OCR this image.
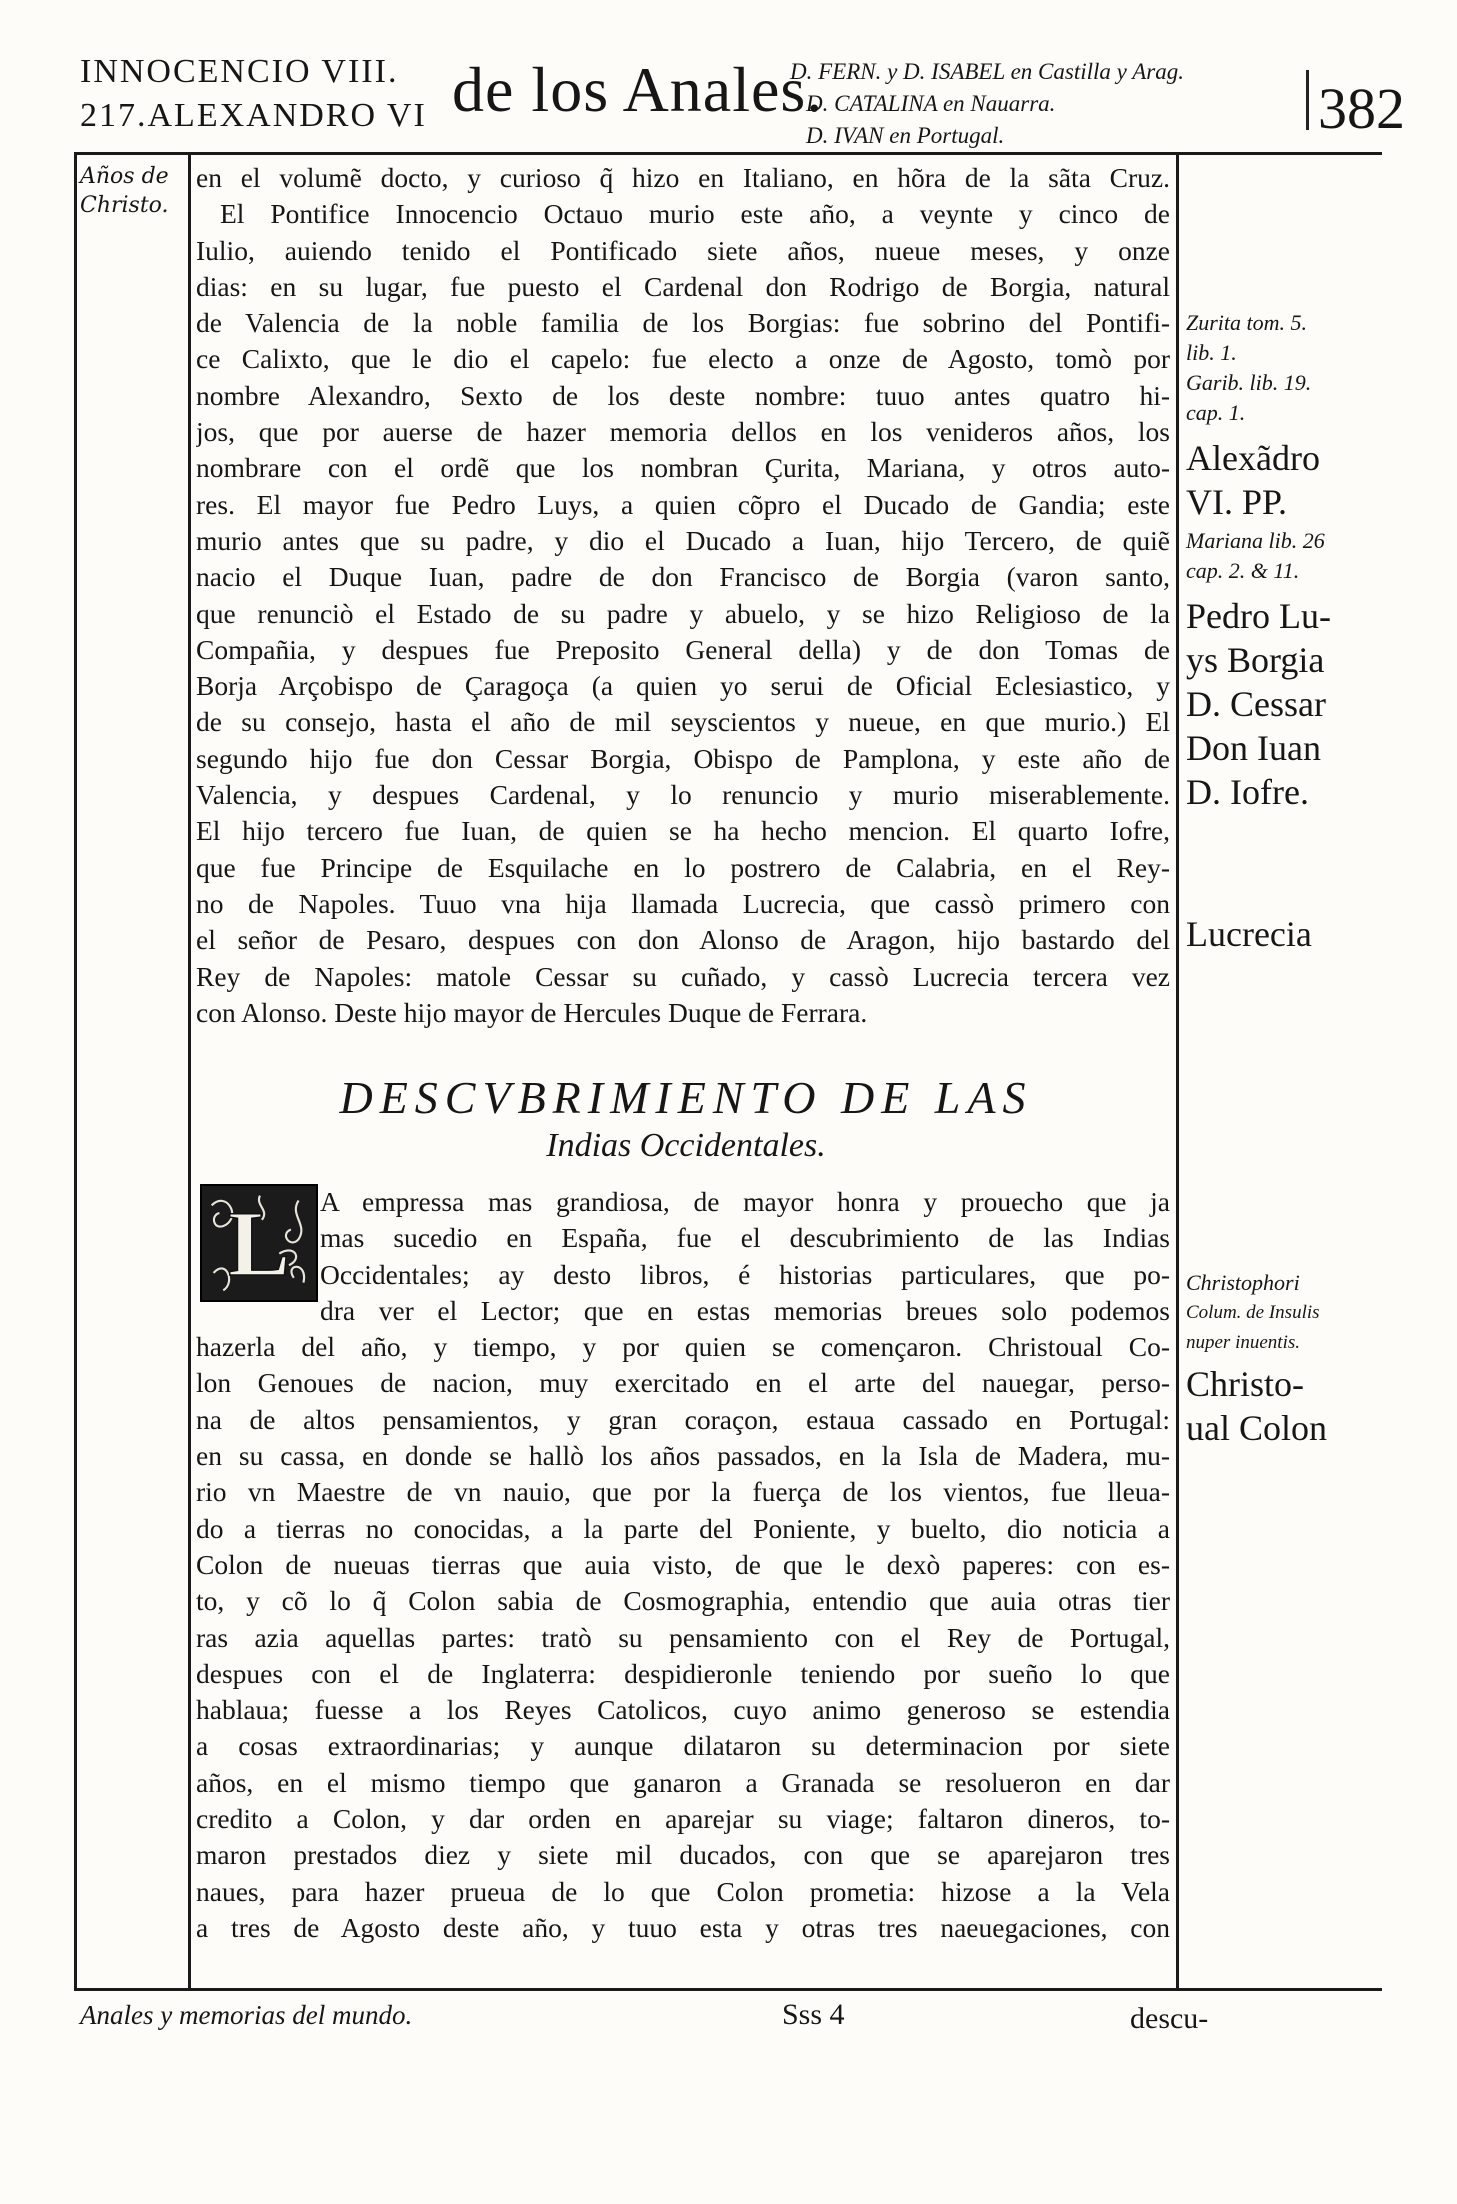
INNOCENCIO VIII.
217.ALEXANDRO VI de los Anales.
D. FERN. y D. ISABEL en Castilla y Arag.
D. CATALINA en Nauarra.
D. IVAN en Portugal.	382
Años de
Christo.
en el volumẽ docto, y curioso q̃ hizo en Italiano, en hõra de la sãta Cruz.
El Pontifice Innocencio Octauo murio este año, a veynte y cinco de
Iulio, auiendo tenido el Pontificado siete años, nueue meses, y onze
dias: en su lugar, fue puesto el Cardenal don Rodrigo de Borgia, natural
de Valencia de la noble familia de los Borgias: fue sobrino del Pontifi-
ce Calixto, que le dio el capelo: fue electo a onze de Agosto, tomò por
nombre Alexandro, Sexto de los deste nombre: tuuo antes quatro hi-
jos, que por auerse de hazer memoria dellos en los venideros años, los
nombrare con el ordẽ que los nombran Çurita, Mariana, y otros auto-
res. El mayor fue Pedro Luys, a quien cõpro el Ducado de Gandia; este
murio antes que su padre, y dio el Ducado a Iuan, hijo Tercero, de quiẽ
nacio el Duque Iuan, padre de don Francisco de Borgia (varon santo,
que renunciò el Estado de su padre y abuelo, y se hizo Religioso de la
Compañia, y despues fue Preposito General della) y de don Tomas de
Borja Arçobispo de Çaragoça (a quien yo serui de Oficial Eclesiastico, y
de su consejo, hasta el año de mil seyscientos y nueue, en que murio.) El
segundo hijo fue don Cessar Borgia, Obispo de Pamplona, y este año de
Valencia, y despues Cardenal, y lo renuncio y murio miserablemente.
El hijo tercero fue Iuan, de quien se ha hecho mencion. El quarto Iofre,
que fue Principe de Esquilache en lo postrero de Calabria, en el Rey-
no de Napoles. Tuuo vna hija llamada Lucrecia, que cassò primero con
el señor de Pesaro, despues con don Alonso de Aragon, hijo bastardo del
Rey de Napoles: matole Cessar su cuñado, y cassò Lucrecia tercera vez
con Alonso. Deste hijo mayor de Hercules Duque de Ferrara.
DESCVBRIMIENTO DE LAS
Indias Occidentales.
L	A empressa mas grandiosa, de mayor honra y prouecho que ja
mas sucedio en España, fue el descubrimiento de las Indias
Occidentales; ay desto libros, é historias particulares, que po-
dra ver el Lector; que en estas memorias breues solo podemos
hazerla del año, y tiempo, y por quien se començaron. Christoual Co-
lon Genoues de nacion, muy exercitado en el arte del nauegar, perso-
na de altos pensamientos, y gran coraçon, estaua cassado en Portugal:
en su cassa, en donde se hallò los años passados, en la Isla de Madera, mu-
rio vn Maestre de vn nauio, que por la fuerça de los vientos, fue lleua-
do a tierras no conocidas, a la parte del Poniente, y buelto, dio noticia a
Colon de nueuas tierras que auia visto, de que le dexò paperes: con es-
to, y cõ lo q̃ Colon sabia de Cosmographia, entendio que auia otras tier
ras azia aquellas partes: tratò su pensamiento con el Rey de Portugal,
despues con el de Inglaterra: despidieronle teniendo por sueño lo que
hablaua; fuesse a los Reyes Catolicos, cuyo animo generoso se estendia
a cosas extraordinarias; y aunque dilataron su determinacion por siete
años, en el mismo tiempo que ganaron a Granada se resolueron en dar
credito a Colon, y dar orden en aparejar su viage; faltaron dineros, to-
maron prestados diez y siete mil ducados, con que se aparejaron tres
naues, para hazer prueua de lo que Colon prometia: hizose a la Vela
a tres de Agosto deste año, y tuuo esta y otras tres naeuegaciones, con
Zurita tom. 5.
lib. 1.
Garib. lib. 19.
cap. 1.
Alexãdro
VI. PP.
Mariana lib. 26
cap. 2. & 11.
Pedro Lu-
ys Borgia
D. Cessar
Don Iuan
D. Iofre.
Lucrecia
Christophori
Colum. de Insulis
nuper inuentis.
Christo-
ual Colon
Anales y memorias del mundo.	Sss 4	descu-
